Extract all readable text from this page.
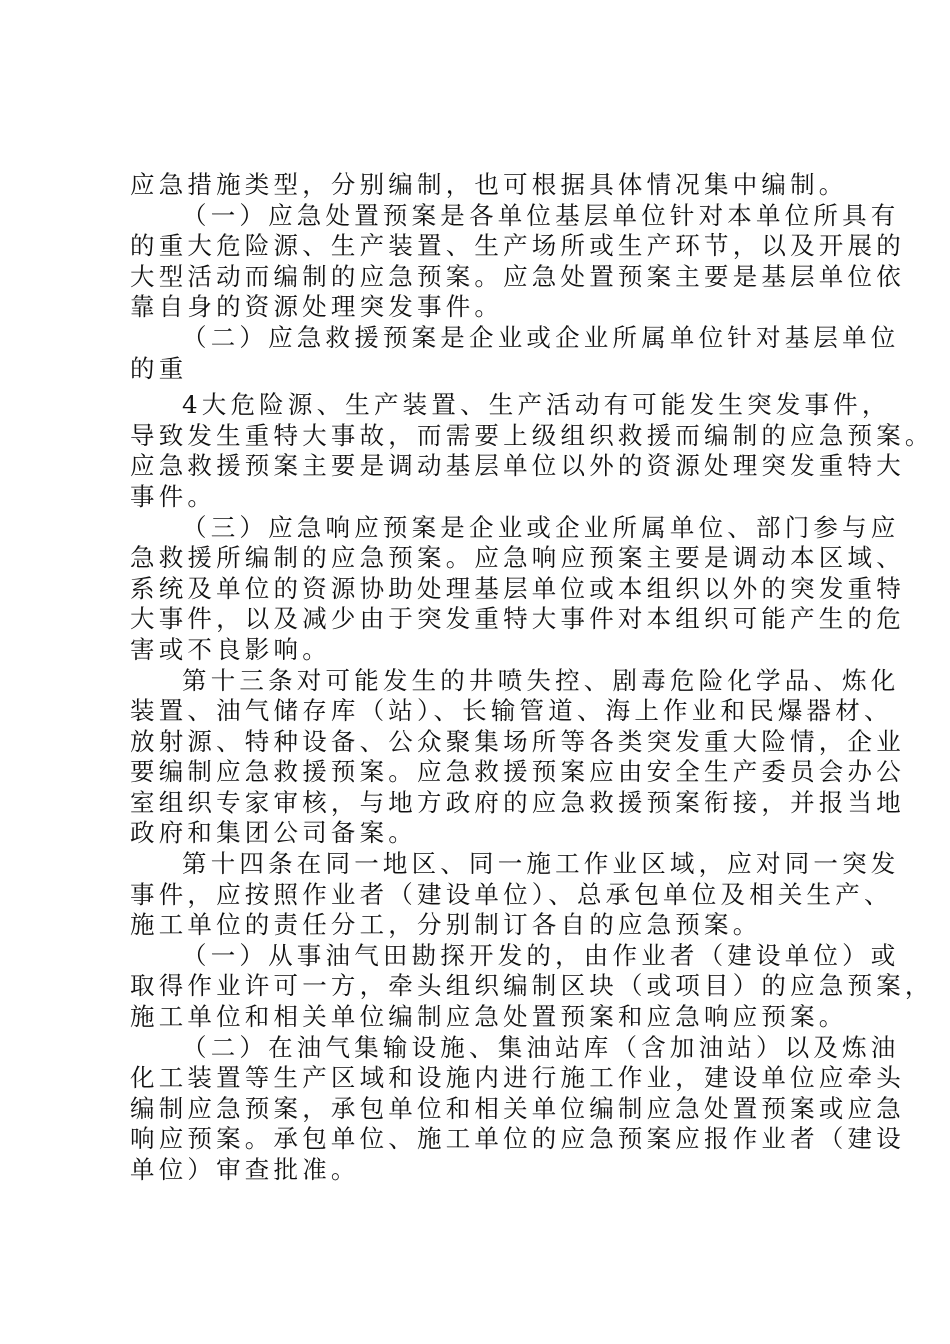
应急措施类型，分别编制，也可根据具体情况集中编制。
（一）应急处置预案是各单位基层单位针对本单位所具有
的重大危险源、生产装置、生产场所或生产环节，以及开展的
大型活动而编制的应急预案。应急处置预案主要是基层单位依
靠自身的资源处理突发事件。
（二）应急救援预案是企业或企业所属单位针对基层单位
的重
4大危险源、生产装置、生产活动有可能发生突发事件，
导致发生重特大事故，而需要上级组织救援而编制的应急预案。
应急救援预案主要是调动基层单位以外的资源处理突发重特大
事件。
（三）应急响应预案是企业或企业所属单位、部门参与应
急救援所编制的应急预案。应急响应预案主要是调动本区域、
系统及单位的资源协助处理基层单位或本组织以外的突发重特
大事件，以及减少由于突发重特大事件对本组织可能产生的危
害或不良影响。
第十三条对可能发生的井喷失控、剧毒危险化学品、炼化
装置、油气储存库（站）、长输管道、海上作业和民爆器材、
放射源、特种设备、公众聚集场所等各类突发重大险情，企业
要编制应急救援预案。应急救援预案应由安全生产委员会办公
室组织专家审核，与地方政府的应急救援预案衔接，并报当地
政府和集团公司备案。
第十四条在同一地区、同一施工作业区域，应对同一突发
事件，应按照作业者（建设单位）、总承包单位及相关生产、
施工单位的责任分工，分别制订各自的应急预案。
（一）从事油气田勘探开发的，由作业者（建设单位）或
取得作业许可一方，牵头组织编制区块（或项目）的应急预案，
施工单位和相关单位编制应急处置预案和应急响应预案。
（二）在油气集输设施、集油站库（含加油站）以及炼油
化工装置等生产区域和设施内进行施工作业，建设单位应牵头
编制应急预案，承包单位和相关单位编制应急处置预案或应急
响应预案。承包单位、施工单位的应急预案应报作业者（建设
单位）审查批准。
